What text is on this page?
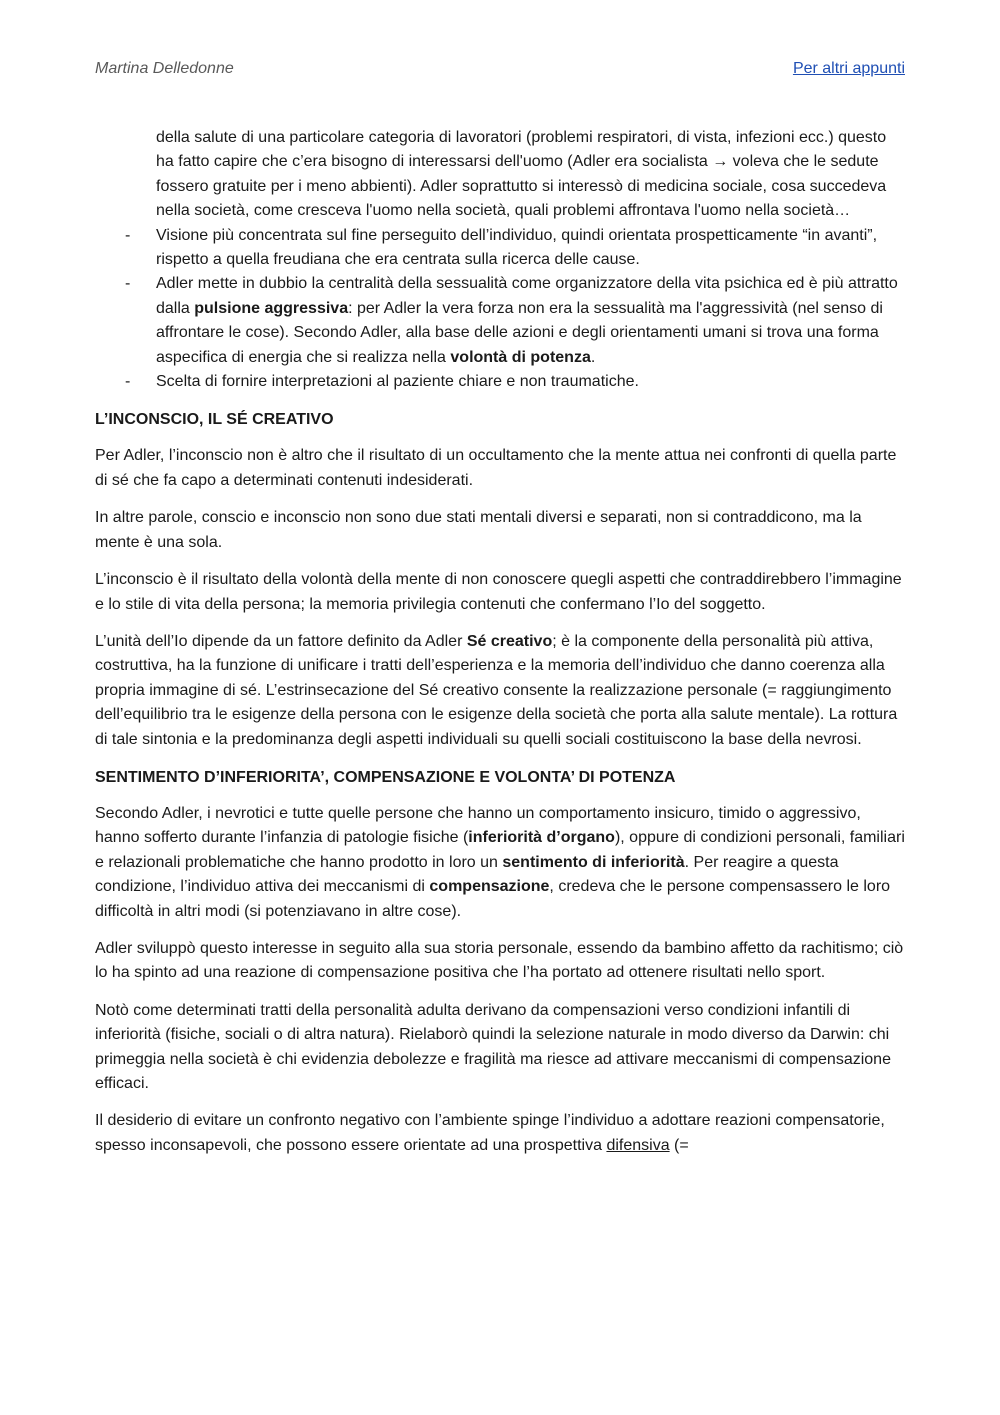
Martina Delledonne	Per altri appunti
della salute di una particolare categoria di lavoratori (problemi respiratori, di vista, infezioni ecc.) questo ha fatto capire che c’era bisogno di interessarsi dell'uomo (Adler era socialista → voleva che le sedute fossero gratuite per i meno abbienti). Adler soprattutto si interessò di medicina sociale, cosa succedeva nella società, come cresceva l'uomo nella società, quali problemi affrontava l'uomo nella società…
- Visione più concentrata sul fine perseguito dell’individuo, quindi orientata prospetticamente “in avanti”, rispetto a quella freudiana che era centrata sulla ricerca delle cause.
- Adler mette in dubbio la centralità della sessualità come organizzatore della vita psichica ed è più attratto dalla pulsione aggressiva: per Adler la vera forza non era la sessualità ma l'aggressività (nel senso di affrontare le cose). Secondo Adler, alla base delle azioni e degli orientamenti umani si trova una forma aspecifica di energia che si realizza nella volontà di potenza.
- Scelta di fornire interpretazioni al paziente chiare e non traumatiche.
L’INCONSCIO, IL SÉ CREATIVO

Per Adler, l’inconscio non è altro che il risultato di un occultamento che la mente attua nei confronti di quella parte di sé che fa capo a determinati contenuti indesiderati.

In altre parole, conscio e inconscio non sono due stati mentali diversi e separati, non si contraddicono, ma la mente è una sola.

L’inconscio è il risultato della volontà della mente di non conoscere quegli aspetti che contraddirebbero l’immagine e lo stile di vita della persona; la memoria privilegia contenuti che confermano l’Io del soggetto.

L’unità dell’Io dipende da un fattore definito da Adler Sé creativo; è la componente della personalità più attiva, costruttiva, ha la funzione di unificare i tratti dell’esperienza e la memoria dell’individuo che danno coerenza alla propria immagine di sé. L’estrinsecazione del Sé creativo consente la realizzazione personale (= raggiungimento dell’equilibrio tra le esigenze della persona con le esigenze della società che porta alla salute mentale). La rottura di tale sintonia e la predominanza degli aspetti individuali su quelli sociali costituiscono la base della nevrosi.

SENTIMENTO D’INFERIORITA’, COMPENSAZIONE E VOLONTA’ DI POTENZA

Secondo Adler, i nevrotici e tutte quelle persone che hanno un comportamento insicuro, timido o aggressivo, hanno sofferto durante l’infanzia di patologie fisiche (inferiorità d’organo), oppure di condizioni personali, familiari e relazionali problematiche che hanno prodotto in loro un sentimento di inferiorità. Per reagire a questa condizione, l’individuo attiva dei meccanismi di compensazione, credeva che le persone compensassero le loro difficoltà in altri modi (si potenziavano in altre cose).

Adler sviluppò questo interesse in seguito alla sua storia personale, essendo da bambino affetto da rachitismo; ciò lo ha spinto ad una reazione di compensazione positiva che l’ha portato ad ottenere risultati nello sport.

Notò come determinati tratti della personalità adulta derivano da compensazioni verso condizioni infantili di inferiorità (fisiche, sociali o di altra natura). Rielaborò quindi la selezione naturale in modo diverso da Darwin: chi primeggia nella società è chi evidenzia debolezze e fragilità ma riesce ad attivare meccanismi di compensazione efficaci.

Il desiderio di evitare un confronto negativo con l’ambiente spinge l’individuo a adottare reazioni compensatorie, spesso inconsapevoli, che possono essere orientate ad una prospettiva difensiva (=
